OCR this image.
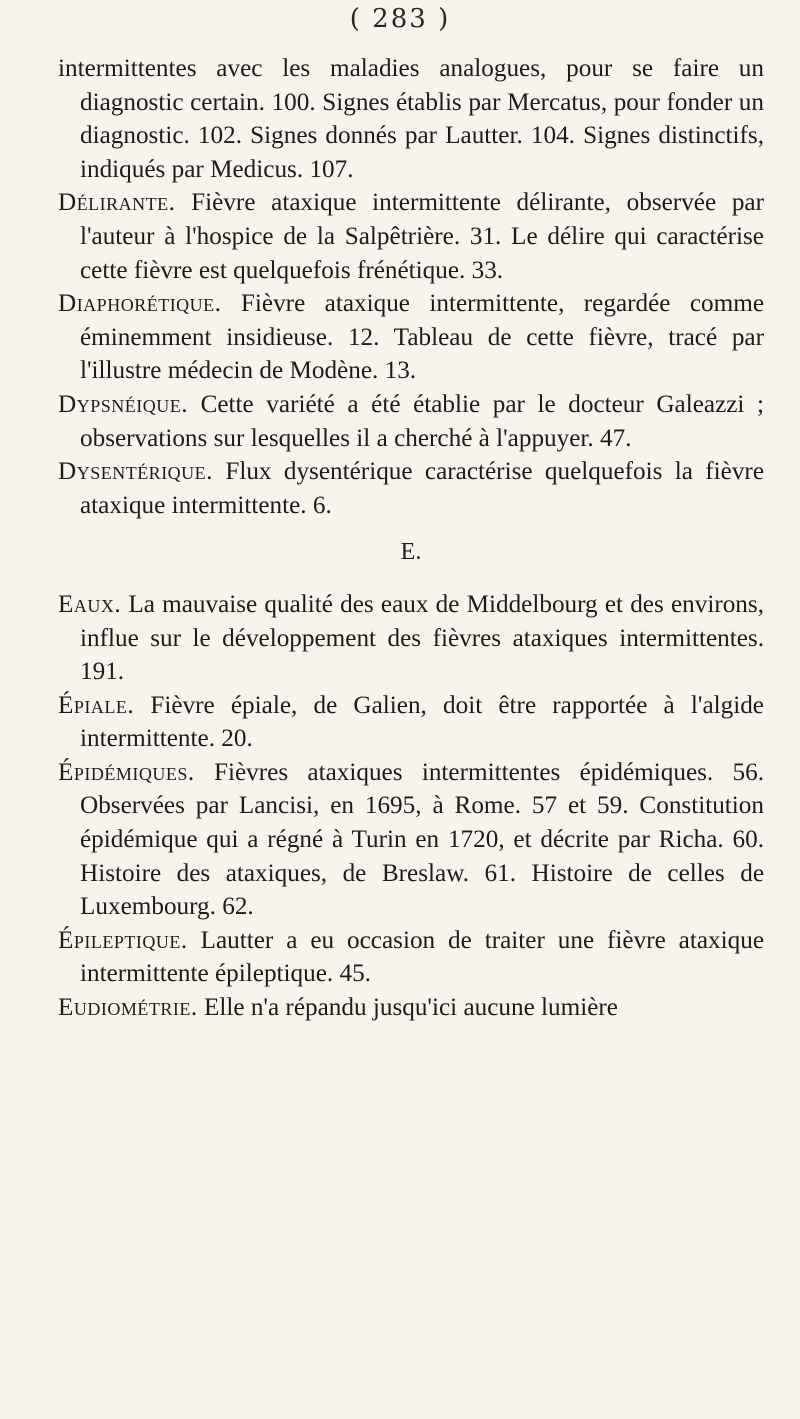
( 283 )

intermittentes avec les maladies analogues, pour se faire un diagnostic certain. 100. Signes établis par Mercatus, pour fonder un diagnostic. 102. Signes donnés par Lautter. 104. Signes distinctifs, indiqués par Medicus. 107.

Délirante. Fièvre ataxique intermittente délirante, observée par l'auteur à l'hospice de la Salpêtrière. 31. Le délire qui caractérise cette fièvre est quelquefois frénétique. 33.

Diaphorétique. Fièvre ataxique intermittente, regardée comme éminemment insidieuse. 12. Tableau de cette fièvre, tracé par l'illustre médecin de Modène. 13.

Dypsnéique. Cette variété a été établie par le docteur Galeazzi ; observations sur lesquelles il a cherché à l'appuyer. 47.

Dysentérique. Flux dysentérique caractérise quelquefois la fièvre ataxique intermittente. 6.

E.

Eaux. La mauvaise qualité des eaux de Middelbourg et des environs, influe sur le développement des fièvres ataxiques intermittentes. 191.

Épiale. Fièvre épiale, de Galien, doit être rapportée à l'algide intermittente. 20.

Épidémiques. Fièvres ataxiques intermittentes épidémiques. 56. Observées par Lancisi, en 1695, à Rome. 57 et 59. Constitution épidémique qui a régné à Turin en 1720, et décrite par Richa. 60. Histoire des ataxiques, de Breslaw. 61. Histoire de celles de Luxembourg. 62.

Épileptique. Lautter a eu occasion de traiter une fièvre ataxique intermittente épileptique. 45.

Eudiométrie. Elle n'a répandu jusqu'ici aucune lumière
